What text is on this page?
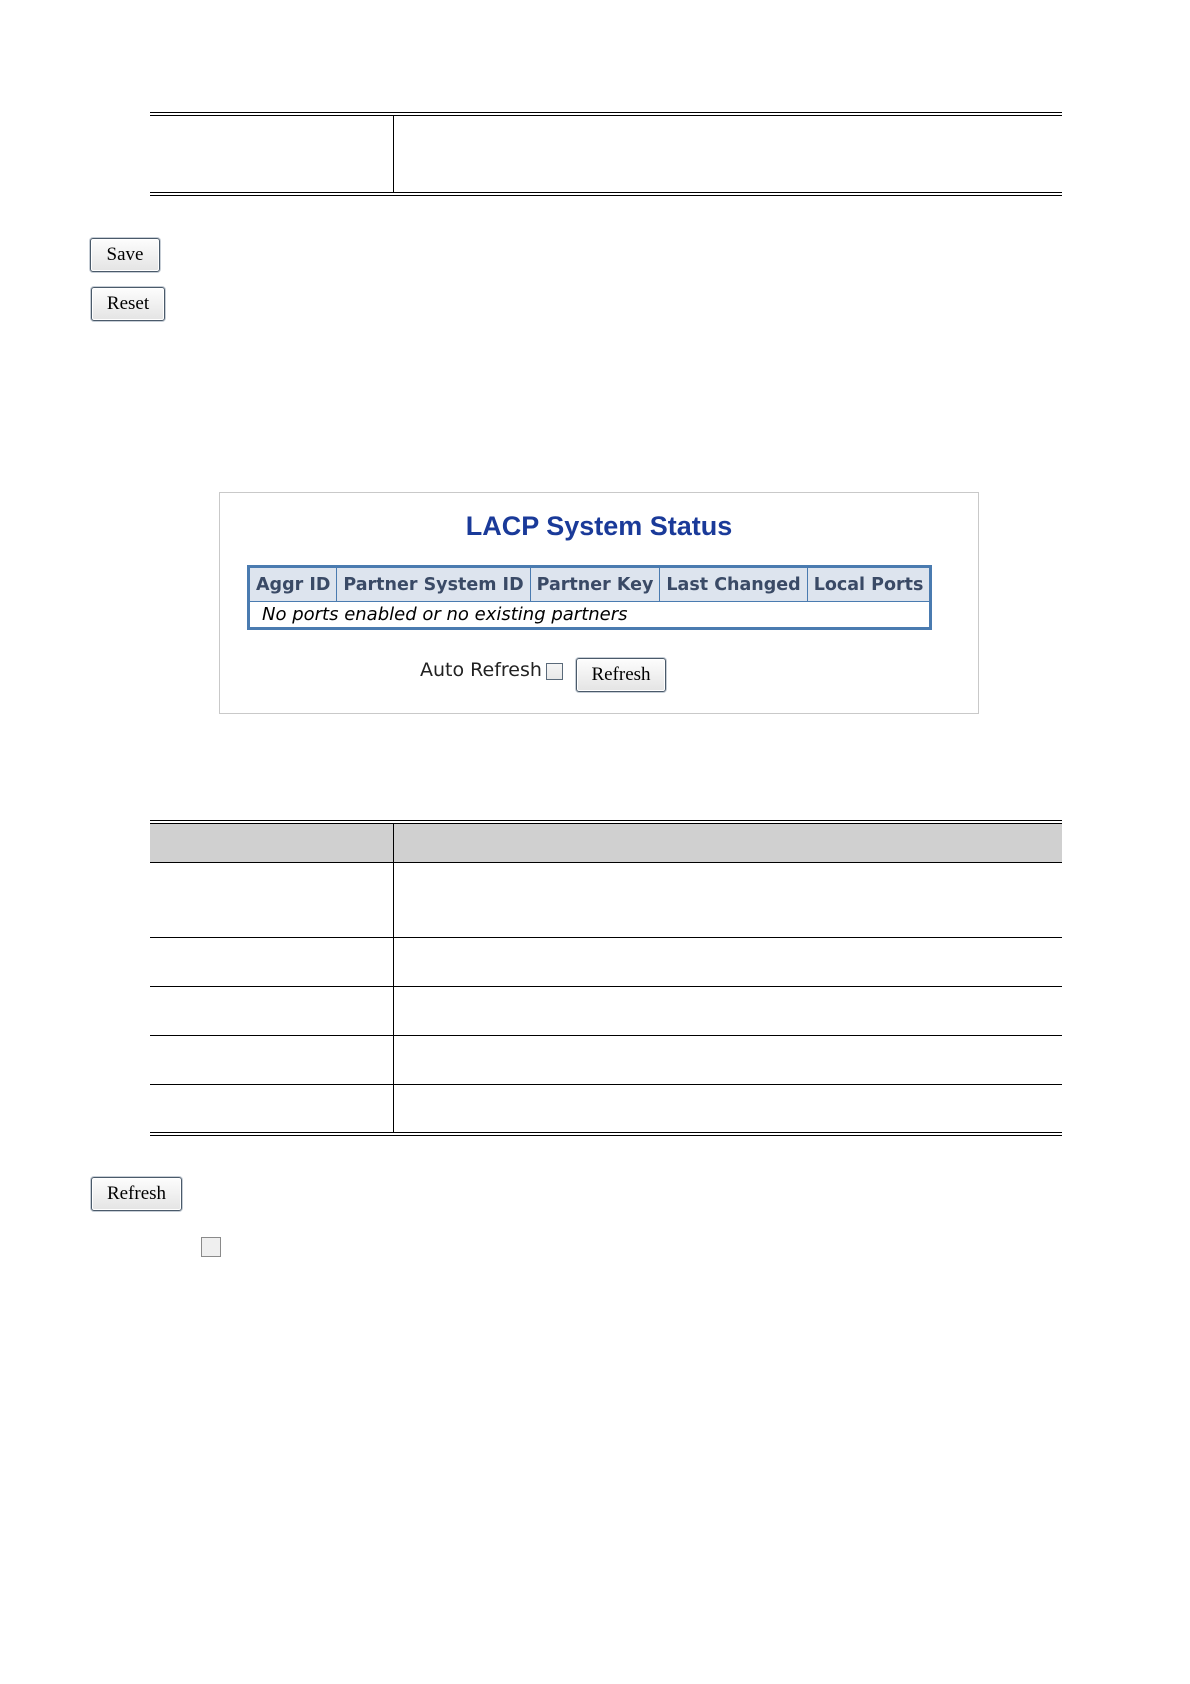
Save
Reset
LACP System Status
Aggr ID	Partner System ID	Partner Key	Last Changed	Local Ports
No ports enabled or no existing partners
Auto Refresh	Refresh
Refresh
